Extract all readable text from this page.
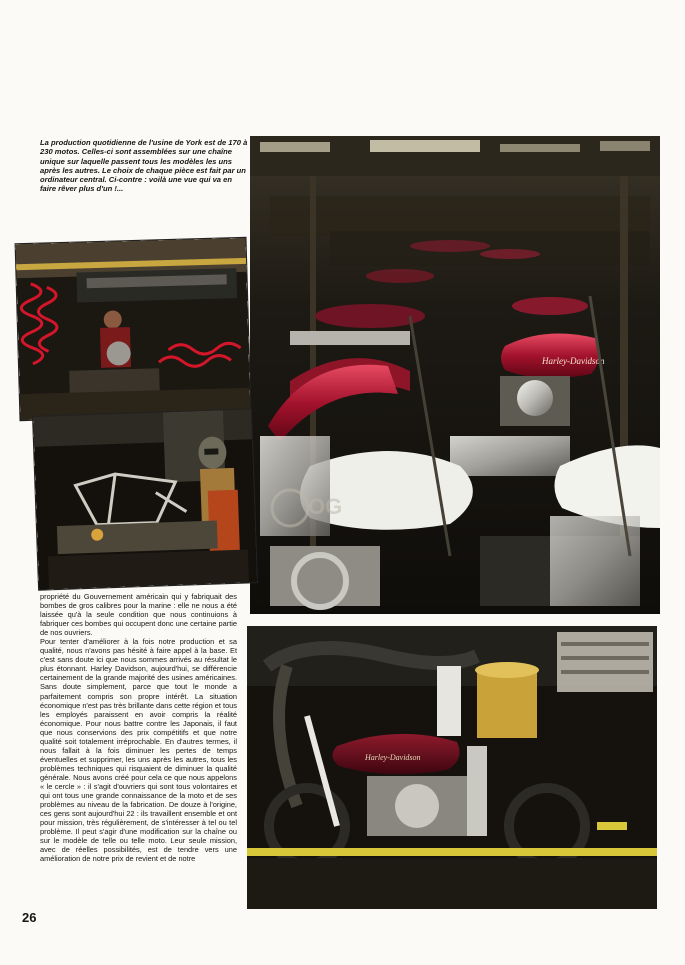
La production quotidienne de l'usine de York est de 170 à 230 motos. Celles-ci sont assemblées sur une chaîne unique sur laquelle passent tous les modèles les uns après les autres. Le choix de chaque pièce est fait par un ordinateur central. Ci-contre : voilà une vue qui va en faire rêver plus d'un !...

Harley-Davidson
Harley-Davidson
OG

propriété du Gouvernement américain qui y fabriquait des bombes de gros calibres pour la marine : elle ne nous a été laissée qu'à la seule condition que nous continuions à fabriquer ces bombes qui occupent donc une certaine partie de nos ouvriers.

Pour tenter d'améliorer à la fois notre production et sa qualité, nous n'avons pas hésité à faire appel à la base. Et c'est sans doute ici que nous sommes arrivés au résultat le plus étonnant. Harley Davidson, aujourd'hui, se différencie certainement de la grande majorité des usines américaines. Sans doute simplement, parce que tout le monde a parfaitement compris son propre intérêt. La situation économique n'est pas très brillante dans cette région et tous les employés paraissent en avoir compris la réalité économique. Pour nous battre contre les Japonais, il faut que nous conservions des prix compétitifs et que notre qualité soit totalement irréprochable. En d'autres termes, il nous fallait à la fois diminuer les pertes de temps éventuelles et supprimer, les uns après les autres, tous les problèmes techniques qui risquaient de diminuer la qualité générale. Nous avons créé pour cela ce que nous appelons « le cercle » : il s'agit d'ouvriers qui sont tous volontaires et qui ont tous une grande connaissance de la moto et de ses problèmes au niveau de la fabrication. De douze à l'origine, ces gens sont aujourd'hui 22 : ils travaillent ensemble et ont pour mission, très régulièrement, de s'intéresser à tel ou tel problème. Il peut s'agir d'une modification sur la chaîne ou sur le modèle de telle ou telle moto. Leur seule mission, avec de réelles possibilités, est de tendre vers une amélioration de notre prix de revient et de notre

26
